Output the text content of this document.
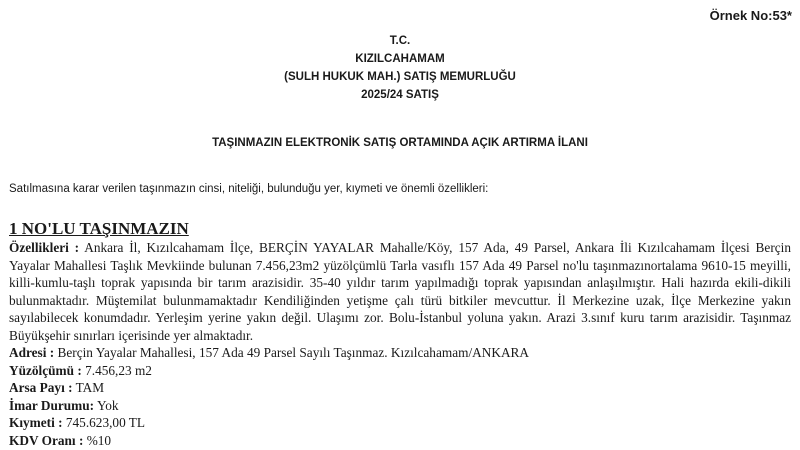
Örnek No:53*
T.C.
KIZILCAHAMAM
(SULH HUKUK MAH.) SATIŞ MEMURLUĞU
2025/24 SATIŞ
TAŞINMAZIN ELEKTRONİK SATIŞ ORTAMINDA AÇIK ARTIRMA İLANI
Satılmasına karar verilen taşınmazın cinsi, niteliği, bulunduğu yer, kıymeti ve önemli özellikleri:
1 NO'LU TAŞINMAZIN

Özellikleri : Ankara İl, Kızılcahamam İlçe, BERÇİN YAYALAR Mahalle/Köy, 157 Ada, 49 Parsel, Ankara İli Kızılcahamam İlçesi Berçin Yayalar Mahallesi Taşlık Mevkiinde bulunan 7.456,23m2 yüzölçümlü Tarla vasıflı 157 Ada 49 Parsel no'lu taşınmazınortalama 9610-15 meyilli, killi-kumlu-taşlı toprak yapısında bir tarım arazisidir. 35-40 yıldır tarım yapılmadığı toprak yapısından anlaşılmıştır. Hali hazırda ekili-dikili bulunmaktadır. Müştemilat bulunmamaktadır Kendiliğinden yetişme çalı türü bitkiler mevcuttur. İl Merkezine uzak, İlçe Merkezine yakın sayılabilecek konumdadır. Yerleşim yerine yakın değil. Ulaşımı zor. Bolu-İstanbul yoluna yakın. Arazi 3.sınıf kuru tarım arazisidir. Taşınmaz Büyükşehir sınırları içerisinde yer almaktadır.

Adresi : Berçin Yayalar Mahallesi, 157 Ada 49 Parsel Sayılı Taşınmaz. Kızılcahamam/ANKARA

Yüzölçümü : 7.456,23 m2

Arsa Payı : TAM

İmar Durumu: Yok

Kıymeti : 745.623,00 TL

KDV Oranı : %10
